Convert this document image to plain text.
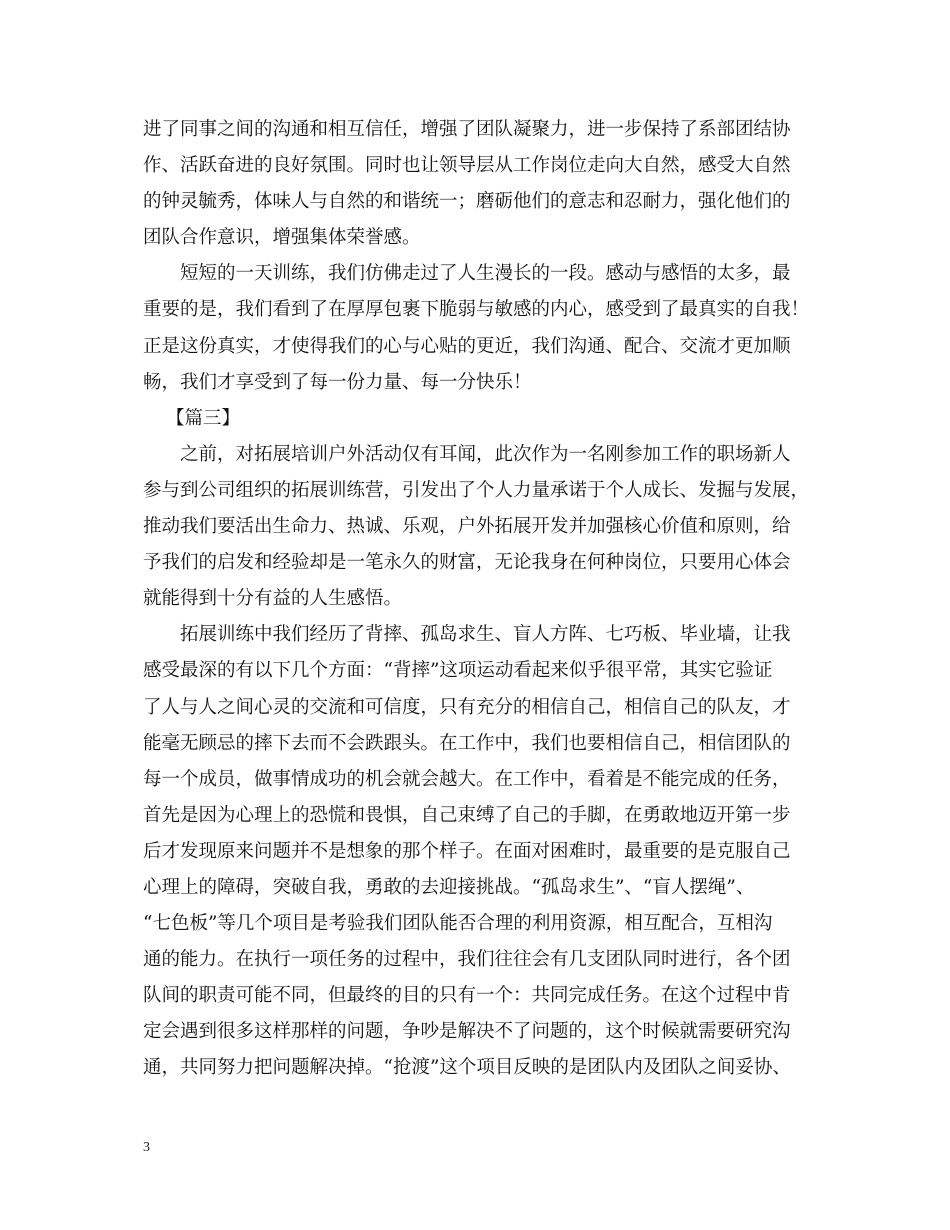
进了同事之间的沟通和相互信任，增强了团队凝聚力，进一步保持了系部团结协
作、活跃奋进的良好氛围。同时也让领导层从工作岗位走向大自然，感受大自然
的钟灵毓秀，体味人与自然的和谐统一；磨砺他们的意志和忍耐力，强化他们的
团队合作意识，增强集体荣誉感。
短短的一天训练，我们仿佛走过了人生漫长的一段。感动与感悟的太多，最
重要的是，我们看到了在厚厚包裹下脆弱与敏感的内心，感受到了最真实的自我！
正是这份真实，才使得我们的心与心贴的更近，我们沟通、配合、交流才更加顺
畅，我们才享受到了每一份力量、每一分快乐！
【篇三】
之前，对拓展培训户外活动仅有耳闻，此次作为一名刚参加工作的职场新人
参与到公司组织的拓展训练营，引发出了个人力量承诺于个人成长、发掘与发展，
推动我们要活出生命力、热诚、乐观，户外拓展开发并加强核心价值和原则，给
予我们的启发和经验却是一笔永久的财富，无论我身在何种岗位，只要用心体会
就能得到十分有益的人生感悟。
拓展训练中我们经历了背摔、孤岛求生、盲人方阵、七巧板、毕业墙，让我
感受最深的有以下几个方面：“背摔”这项运动看起来似乎很平常，其实它验证
了人与人之间心灵的交流和可信度，只有充分的相信自己，相信自己的队友，才
能毫无顾忌的摔下去而不会跌跟头。在工作中，我们也要相信自己，相信团队的
每一个成员，做事情成功的机会就会越大。在工作中，看着是不能完成的任务，
首先是因为心理上的恐慌和畏惧，自己束缚了自己的手脚，在勇敢地迈开第一步
后才发现原来问题并不是想象的那个样子。在面对困难时，最重要的是克服自己
心理上的障碍，突破自我，勇敢的去迎接挑战。“孤岛求生”、“盲人摆绳”、
“七色板”等几个项目是考验我们团队能否合理的利用资源，相互配合，互相沟
通的能力。在执行一项任务的过程中，我们往往会有几支团队同时进行，各个团
队间的职责可能不同，但最终的目的只有一个：共同完成任务。在这个过程中肯
定会遇到很多这样那样的问题，争吵是解决不了问题的，这个时候就需要研究沟
通，共同努力把问题解决掉。“抢渡”这个项目反映的是团队内及团队之间妥协、
3
